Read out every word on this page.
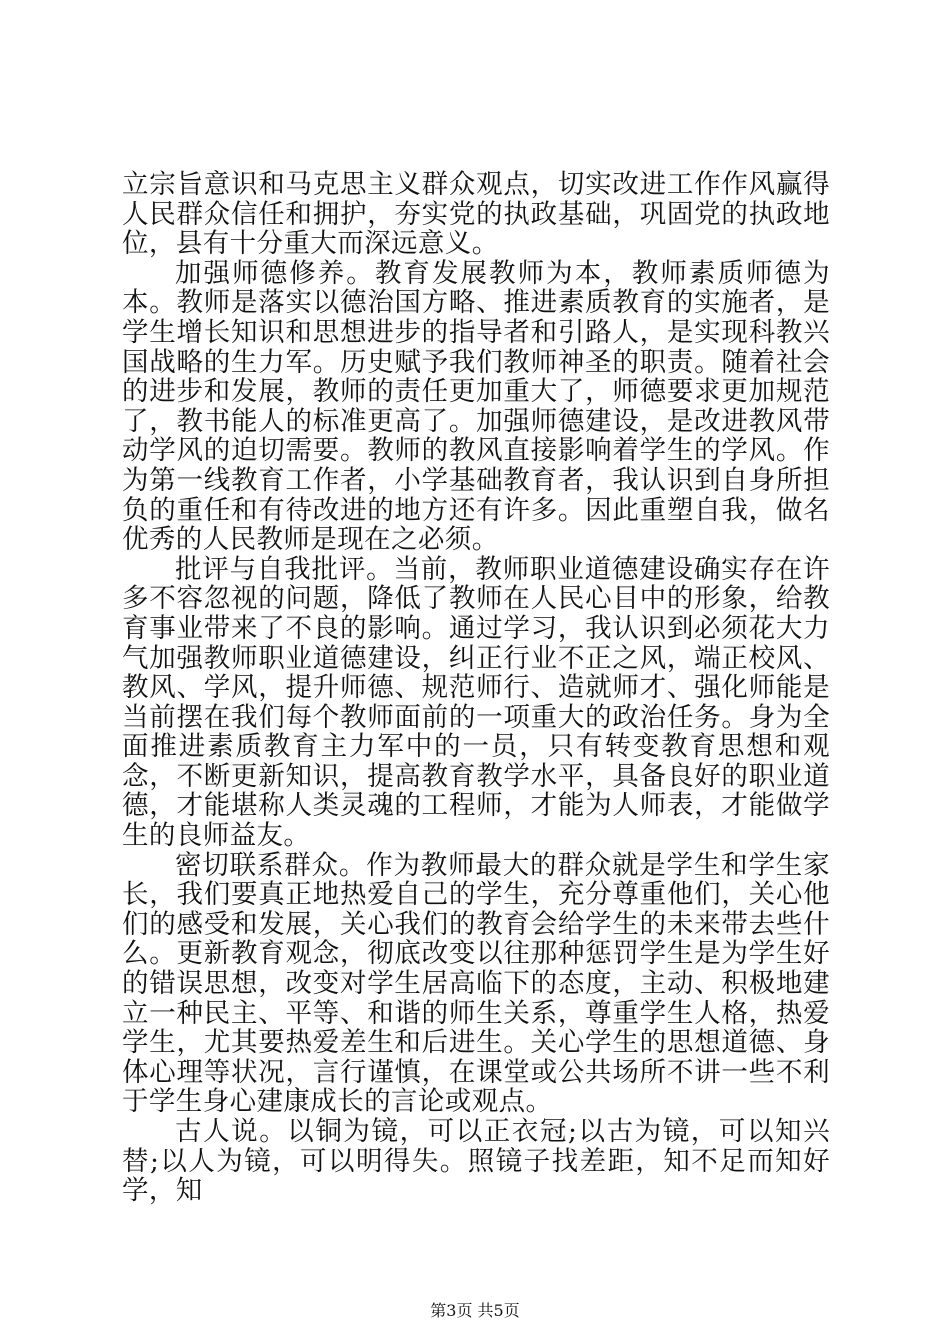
立宗旨意识和马克思主义群众观点，切实改进工作作风赢得人民群众信任和拥护，夯实党的执政基础，巩固党的执政地位，县有十分重大而深远意义。

加强师德修养。教育发展教师为本，教师素质师德为本。教师是落实以德治国方略、推进素质教育的实施者，是学生增长知识和思想进步的指导者和引路人，是实现科教兴国战略的生力军。历史赋予我们教师神圣的职责。随着社会的进步和发展，教师的责任更加重大了，师德要求更加规范了，教书能人的标准更高了。加强师德建设，是改进教风带动学风的迫切需要。教师的教风直接影响着学生的学风。作为第一线教育工作者，小学基础教育者，我认识到自身所担负的重任和有待改进的地方还有许多。因此重塑自我，做名优秀的人民教师是现在之必须。

批评与自我批评。当前，教师职业道德建设确实存在许多不容忽视的问题，降低了教师在人民心目中的形象，给教育事业带来了不良的影响。通过学习，我认识到必须花大力气加强教师职业道德建设，纠正行业不正之风，端正校风、教风、学风，提升师德、规范师行、造就师才、强化师能是当前摆在我们每个教师面前的一项重大的政治任务。身为全面推进素质教育主力军中的一员，只有转变教育思想和观念，不断更新知识，提高教育教学水平，具备良好的职业道德，才能堪称人类灵魂的工程师，才能为人师表，才能做学生的良师益友。

密切联系群众。作为教师最大的群众就是学生和学生家长，我们要真正地热爱自己的学生，充分尊重他们，关心他们的感受和发展，关心我们的教育会给学生的未来带去些什么。更新教育观念，彻底改变以往那种惩罚学生是为学生好的错误思想，改变对学生居高临下的态度，主动、积极地建立一种民主、平等、和谐的师生关系，尊重学生人格，热爱学生，尤其要热爱差生和后进生。关心学生的思想道德、身体心理等状况，言行谨慎，在课堂或公共场所不讲一些不利于学生身心建康成长的言论或观点。

古人说。以铜为镜，可以正衣冠;以古为镜，可以知兴替;以人为镜，可以明得失。照镜子找差距，知不足而知好学，知

第3页 共5页
